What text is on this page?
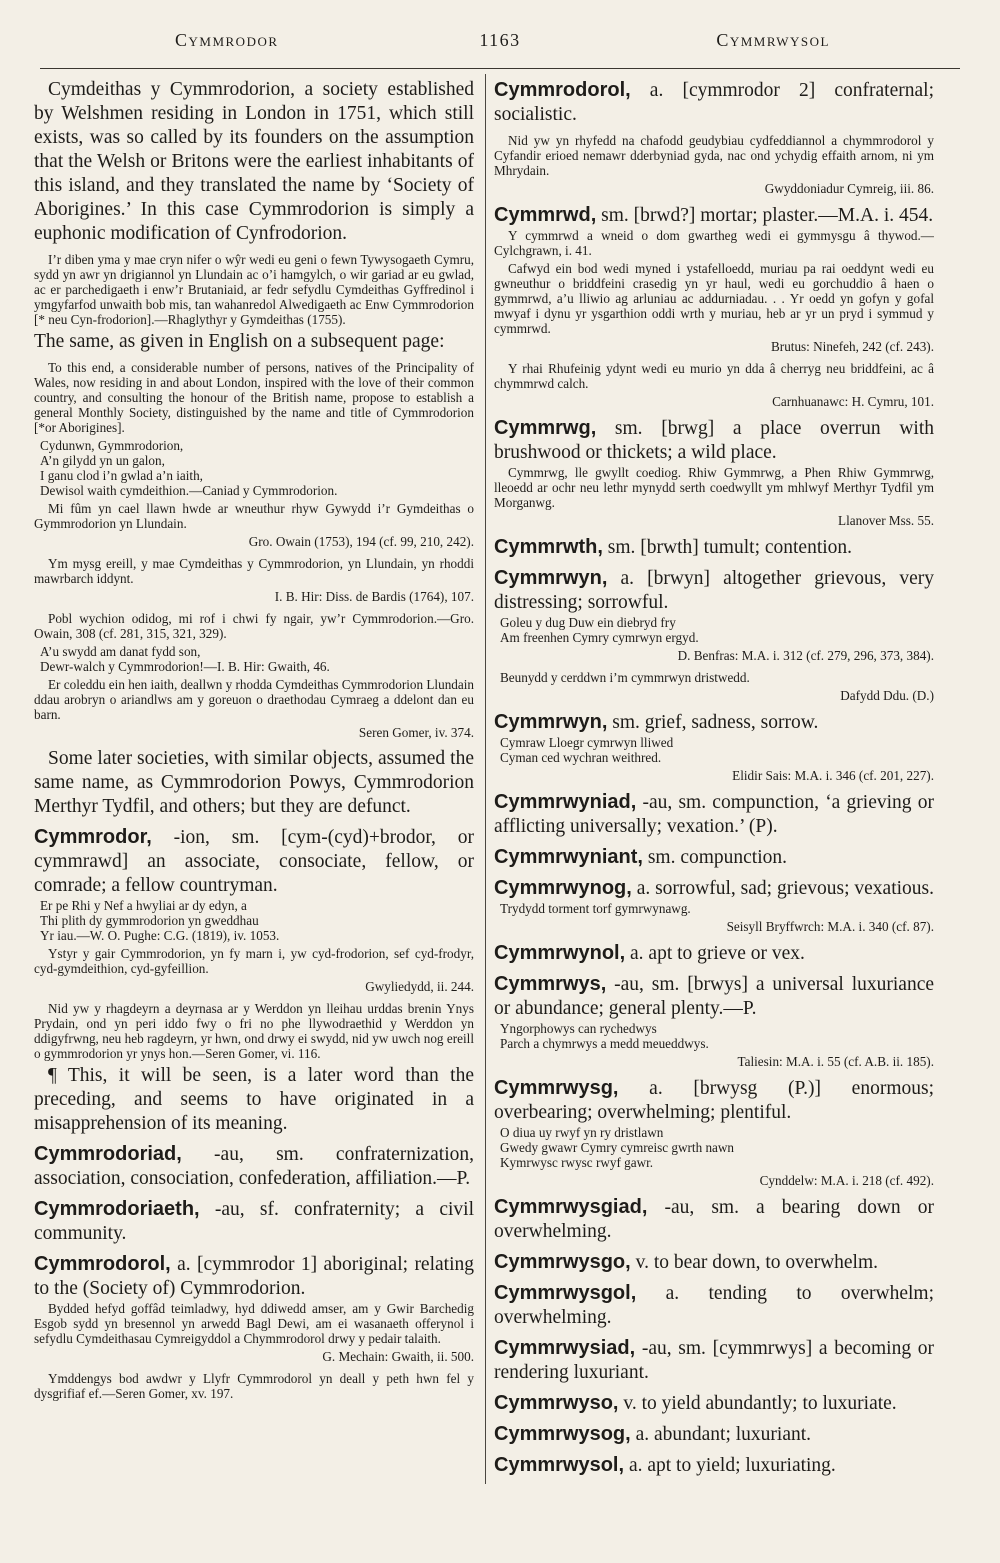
Cymmrodor	1163	Cymmrwysol

Cymdeithas y Cymmrodorion, a society established by Welshmen residing in London in 1751, which still exists, was so called by its founders on the assumption that the Welsh or Britons were the earliest inhabitants of this island, and they translated the name by ‘Society of Aborigines.’ In this case Cymmrodorion is simply a euphonic modification of Cynfrodorion.

I’r diben yma y mae cryn nifer o wŷr wedi eu geni o fewn Tywysogaeth Cymru, sydd yn awr yn drigiannol yn Llundain ac o’i hamgylch, o wir gariad ar eu gwlad, ac er parchedigaeth i enw’r Brutaniaid, ar fedr sefydlu Cymdeithas Gyffredinol i ymgyfarfod unwaith bob mis, tan wahanredol Alwedigaeth ac Enw Cymmrodorion [* neu Cyn-frodorion].—Rhaglythyr y Gymdeithas (1755).

The same, as given in English on a subsequent page:

To this end, a considerable number of persons, natives of the Principality of Wales, now residing in and about London, inspired with the love of their common country, and consulting the honour of the British name, propose to establish a general Monthly Society, distinguished by the name and title of Cymmrodorion [*or Aborigines].

Cydunwn, Gymmrodorion,
A’n gilydd yn un galon,
I ganu clod i’n gwlad a’n iaith,
Dewisol waith cymdeithion.—Caniad y Cymmrodorion.

Mi fûm yn cael llawn hwde ar wneuthur rhyw Gywydd i’r Gymdeithas o Gymmrodorion yn Llundain.

Gro. Owain (1753), 194 (cf. 99, 210, 242).

Ym mysg ereill, y mae Cymdeithas y Cymmrodorion, yn Llundain, yn rhoddi mawrbarch iddynt.

I. B. Hir: Diss. de Bardis (1764), 107.

Pobl wychion odidog, mi rof i chwi fy ngair, yw’r Cymmrodorion.—Gro. Owain, 308 (cf. 281, 315, 321, 329).

A’u swydd am danat fydd son,
Dewr-walch y Cymmrodorion!—I. B. Hir: Gwaith, 46.

Er coleddu ein hen iaith, deallwn y rhodda Cymdeithas Cymmrodorion Llundain ddau arobryn o ariandlws am y goreuon o draethodau Cymraeg a ddelont dan eu barn.

Seren Gomer, iv. 374.

Some later societies, with similar objects, assumed the same name, as Cymmrodorion Powys, Cymmrodorion Merthyr Tydfil, and others; but they are defunct.

Cymmrodor, -ion, sm. [cym-(cyd)+brodor, or cymmrawd] an associate, consociate, fellow, or comrade; a fellow countryman.

Er pe Rhi y Nef a hwyliai ar dy edyn, a
Thi plith dy gymmrodorion yn gweddhau
Yr iau.—W. O. Pughe: C.G. (1819), iv. 1053.

Ystyr y gair Cymmrodorion, yn fy marn i, yw cyd-frodorion, sef cyd-frodyr, cyd-gymdeithion, cyd-gyfeillion.

Gwyliedydd, ii. 244.

Nid yw y rhagdeyrn a deyrnasa ar y Werddon yn lleihau urddas brenin Ynys Prydain, ond yn peri iddo fwy o fri no phe llywodraethid y Werddon yn ddigyfrwng, neu heb ragdeyrn, yr hwn, ond drwy ei swydd, nid yw uwch nog ereill o gymmrodorion yr ynys hon.—Seren Gomer, vi. 116.

¶ This, it will be seen, is a later word than the preceding, and seems to have originated in a misapprehension of its meaning.

Cymmrodoriad, -au, sm. confraternization, association, consociation, confederation, affiliation.—P.

Cymmrodoriaeth, -au, sf. confraternity; a civil community.

Cymmrodorol, a. [cymmrodor 1] aboriginal; relating to the (Society of) Cymmrodorion.

Bydded hefyd goffâd teimladwy, hyd ddiwedd amser, am y Gwir Barchedig Esgob sydd yn bresennol yn arwedd Bagl Dewi, am ei wasanaeth offerynol i sefydlu Cymdeithasau Cymreigyddol a Chymmrodorol drwy y pedair talaith.

G. Mechain: Gwaith, ii. 500.

Ymddengys bod awdwr y Llyfr Cymmrodorol yn deall y peth hwn fel y dysgrifiaf ef.—Seren Gomer, xv. 197.

Cymmrodorol, a. [cymmrodor 2] confraternal; socialistic.

Nid yw yn rhyfedd na chafodd geudybiau cydfeddiannol a chymmrodorol y Cyfandir erioed nemawr dderbyniad gyda, nac ond ychydig effaith arnom, ni ym Mhrydain.

Gwyddoniadur Cymreig, iii. 86.

Cymmrwd, sm. [brwd?] mortar; plaster.—M.A. i. 454.

Y cymmrwd a wneid o dom gwartheg wedi ei gymmysgu â thywod.—Cylchgrawn, i. 41.

Cafwyd ein bod wedi myned i ystafelloedd, muriau pa rai oeddynt wedi eu gwneuthur o briddfeini crasedig yn yr haul, wedi eu gorchuddio â haen o gymmrwd, a’u lliwio ag arluniau ac addurniadau. . . Yr oedd yn gofyn y gofal mwyaf i dynu yr ysgarthion oddi wrth y muriau, heb ar yr un pryd i symmud y cymmrwd.

Brutus: Ninefeh, 242 (cf. 243).

Y rhai Rhufeinig ydynt wedi eu murio yn dda â cherryg neu briddfeini, ac â chymmrwd calch.

Carnhuanawc: H. Cymru, 101.

Cymmrwg, sm. [brwg] a place overrun with brushwood or thickets; a wild place.

Cymmrwg, lle gwyllt coediog. Rhiw Gymmrwg, a Phen Rhiw Gymmrwg, lleoedd ar ochr neu lethr mynydd serth coedwyllt ym mhlwyf Merthyr Tydfil ym Morganwg.

Llanover Mss. 55.

Cymmrwth, sm. [brwth] tumult; contention.

Cymmrwyn, a. [brwyn] altogether grievous, very distressing; sorrowful.

Goleu y dug Duw ein diebryd fry
Am freenhen Cymry cymrwyn ergyd.

D. Benfras: M.A. i. 312 (cf. 279, 296, 373, 384).

Beunydd y cerddwn i’m cymmrwyn dristwedd.

Dafydd Ddu. (D.)

Cymmrwyn, sm. grief, sadness, sorrow.

Cymraw Lloegr cymrwyn lliwed
Cyman ced wychran weithred.

Elidir Sais: M.A. i. 346 (cf. 201, 227).

Cymmrwyniad, -au, sm. compunction, ‘a grieving or afflicting universally; vexation.’ (P).

Cymmrwyniant, sm. compunction.

Cymmrwynog, a. sorrowful, sad; grievous; vexatious.

Trydydd torment torf gymrwynawg.

Seisyll Bryffwrch: M.A. i. 340 (cf. 87).

Cymmrwynol, a. apt to grieve or vex.

Cymmrwys, -au, sm. [brwys] a universal luxuriance or abundance; general plenty.—P.

Yngorphowys can rychedwys
Parch a chymrwys a medd meueddwys.

Taliesin: M.A. i. 55 (cf. A.B. ii. 185).

Cymmrwysg, a. [brwysg (P.)] enormous; overbearing; overwhelming; plentiful.

O diua uy rwyf yn ry dristlawn
Gwedy gwawr Cymry cymreisc gwrth nawn
Kymrwysc rwysc rwyf gawr.

Cynddelw: M.A. i. 218 (cf. 492).

Cymmrwysgiad, -au, sm. a bearing down or overwhelming.

Cymmrwysgo, v. to bear down, to overwhelm.

Cymmrwysgol, a. tending to overwhelm; overwhelming.

Cymmrwysiad, -au, sm. [cymmrwys] a becoming or rendering luxuriant.

Cymmrwyso, v. to yield abundantly; to luxuriate.

Cymmrwysog, a. abundant; luxuriant.

Cymmrwysol, a. apt to yield; luxuriating.
